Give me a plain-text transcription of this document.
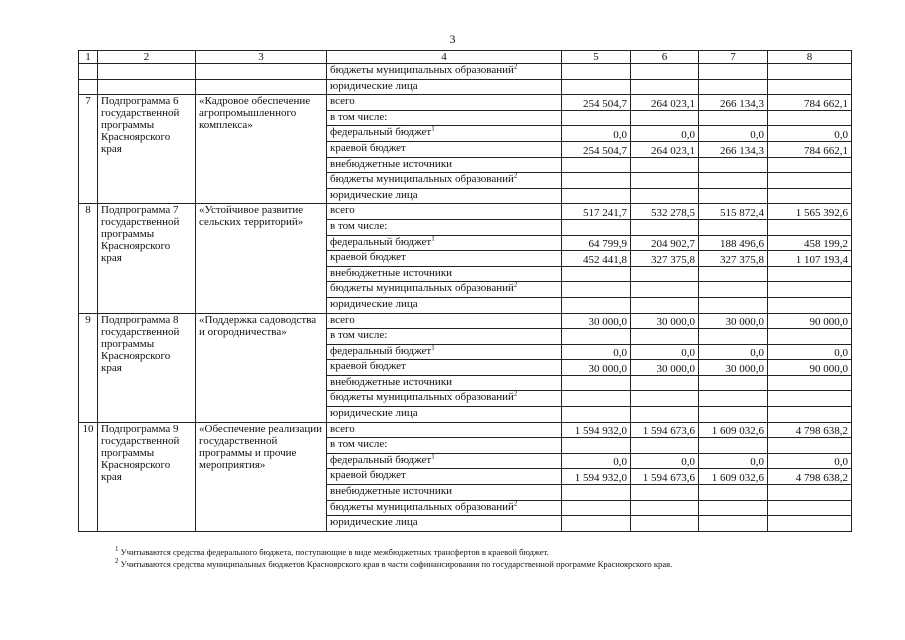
3
1	2	3	4	5	6	7	8
			бюджеты муниципальных образований$^2$				
			юридические лица				
7	Подпрограмма 6 государственной программы Красноярского края	«Кадровое обеспечение агропромышленного комплекса»	всего	254 504,7	264 023,1	266 134,3	784 662,1
			в том числе:				
			федеральный бюджет$^1$	0,0	0,0	0,0	0,0
			краевой бюджет	254 504,7	264 023,1	266 134,3	784 662,1
			внебюджетные источники				
			бюджеты муниципальных образований$^2$				
			юридические лица				
8	Подпрограмма 7 государственной программы Красноярского края	«Устойчивое развитие сельских территорий»	всего	517 241,7	532 278,5	515 872,4	1 565 392,6
			в том числе:				
			федеральный бюджет$^1$	64 799,9	204 902,7	188 496,6	458 199,2
			краевой бюджет	452 441,8	327 375,8	327 375,8	1 107 193,4
			внебюджетные источники				
			бюджеты муниципальных образований$^2$				
			юридические лица				
9	Подпрограмма 8 государственной программы Красноярского края	«Поддержка садоводства и огородничества»	всего	30 000,0	30 000,0	30 000,0	90 000,0
			в том числе:				
			федеральный бюджет$^1$	0,0	0,0	0,0	0,0
			краевой бюджет	30 000,0	30 000,0	30 000,0	90 000,0
			внебюджетные источники				
			бюджеты муниципальных образований$^2$				
			юридические лица				
10	Подпрограмма 9 государственной программы Красноярского края	«Обеспечение реализации государственной программы и прочие мероприятия»	всего	1 594 932,0	1 594 673,6	1 609 032,6	4 798 638,2
			в том числе:				
			федеральный бюджет$^1$	0,0	0,0	0,0	0,0
			краевой бюджет	1 594 932,0	1 594 673,6	1 609 032,6	4 798 638,2
			внебюджетные источники				
			бюджеты муниципальных образований$^2$				
			юридические лица				
$^1$ Учитываются средства федерального бюджета, поступающие в виде межбюджетных трансфертов в краевой бюджет.
$^2$ Учитываются средства муниципальных бюджетов Красноярского края в части софинансирования по государственной программе Красноярского края.
